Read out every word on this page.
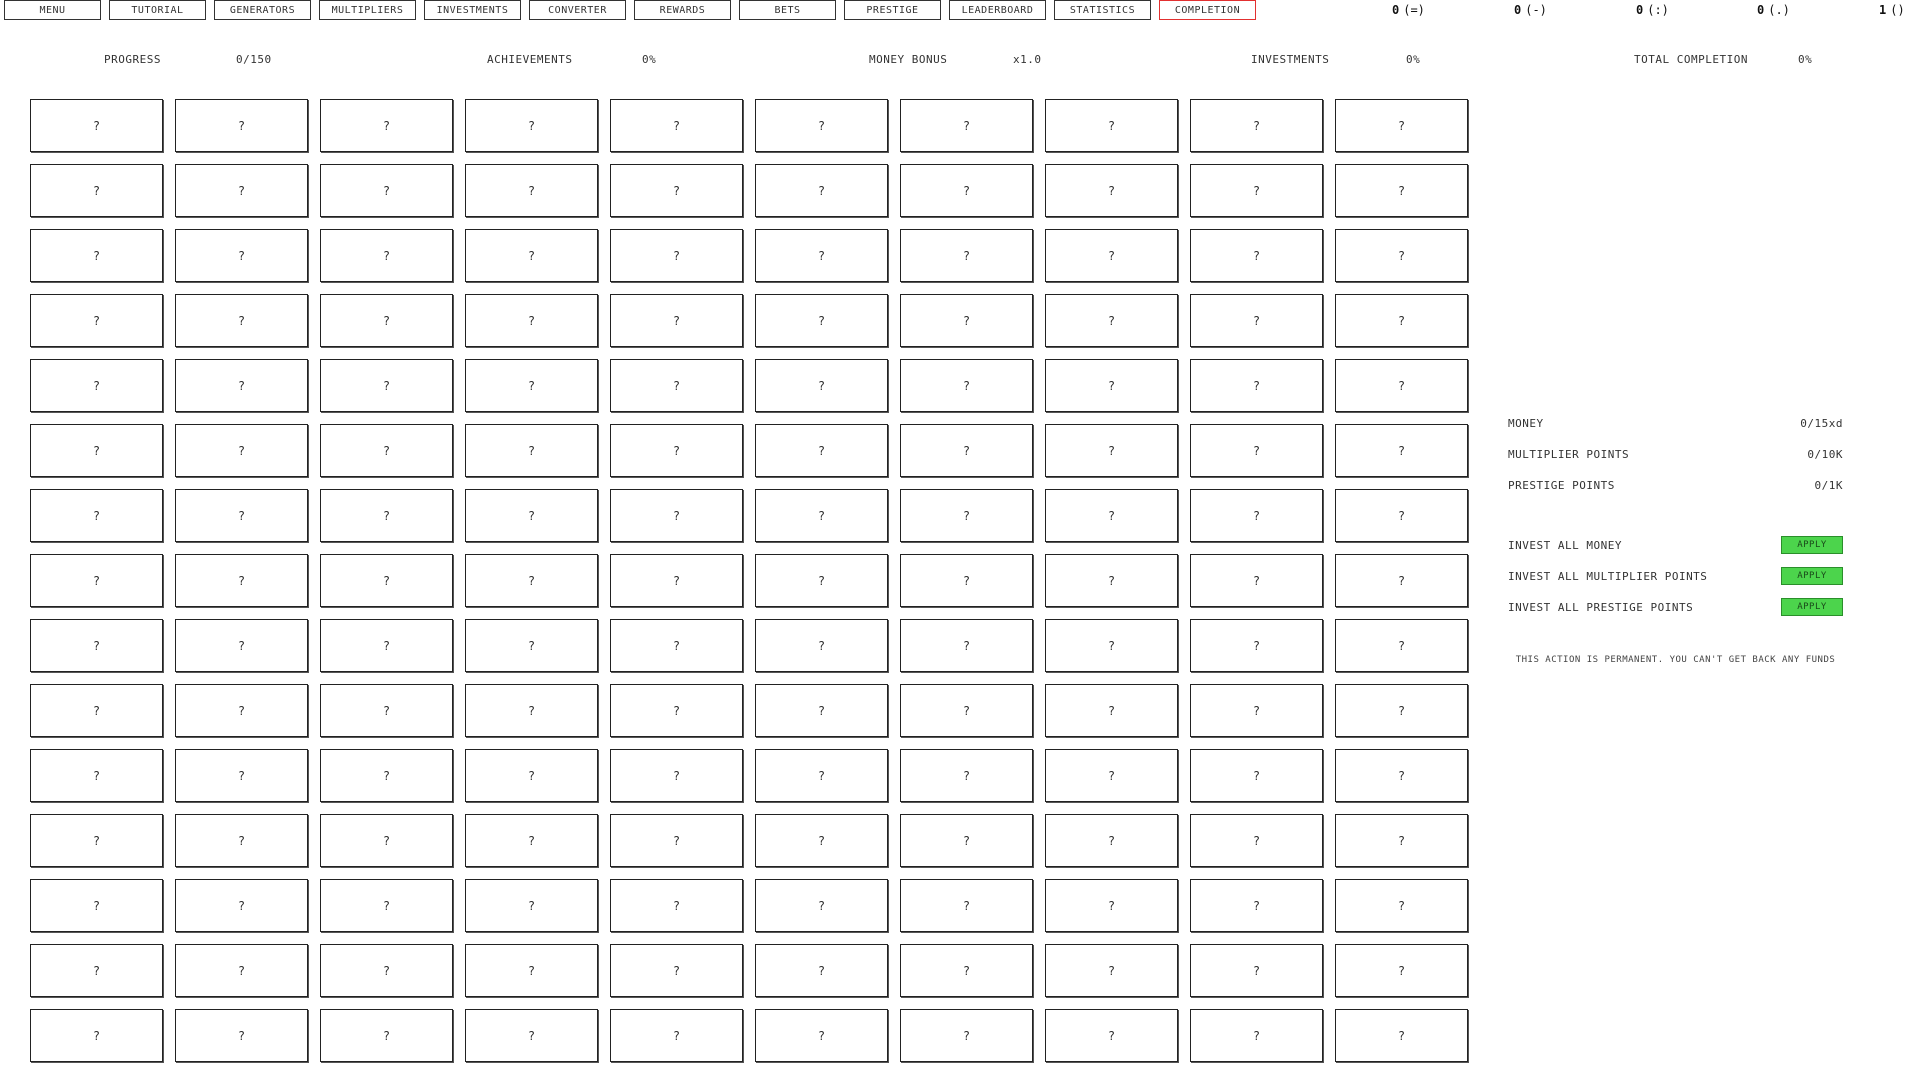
MENU	TUTORIAL	GENERATORS	MULTIPLIERS	INVESTMENTS	CONVERTER	REWARDS	BETS	PRESTIGE	LEADERBOARD	STATISTICS	COMPLETION	0 (=)	0 (-)	0 (:)	0 (.)	1 ()
PROGRESS	0/150	ACHIEVEMENTS	0%	MONEY BONUS	x1.0	INVESTMENTS	0%	TOTAL COMPLETION	0%
?	?	?	?	?	?	?	?	?	?
?	?	?	?	?	?	?	?	?	?
?	?	?	?	?	?	?	?	?	?
?	?	?	?	?	?	?	?	?	?
?	?	?	?	?	?	?	?	?	?
?	?	?	?	?	?	?	?	?	?
?	?	?	?	?	?	?	?	?	?
?	?	?	?	?	?	?	?	?	?
?	?	?	?	?	?	?	?	?	?
?	?	?	?	?	?	?	?	?	?
?	?	?	?	?	?	?	?	?	?
?	?	?	?	?	?	?	?	?	?
?	?	?	?	?	?	?	?	?	?
?	?	?	?	?	?	?	?	?	?
?	?	?	?	?	?	?	?	?	?
MONEY	0/15xd
MULTIPLIER POINTS	0/10K
PRESTIGE POINTS	0/1K
INVEST ALL MONEY	APPLY
INVEST ALL MULTIPLIER POINTS	APPLY
INVEST ALL PRESTIGE POINTS	APPLY
THIS ACTION IS PERMANENT. YOU CAN'T GET BACK ANY FUNDS
